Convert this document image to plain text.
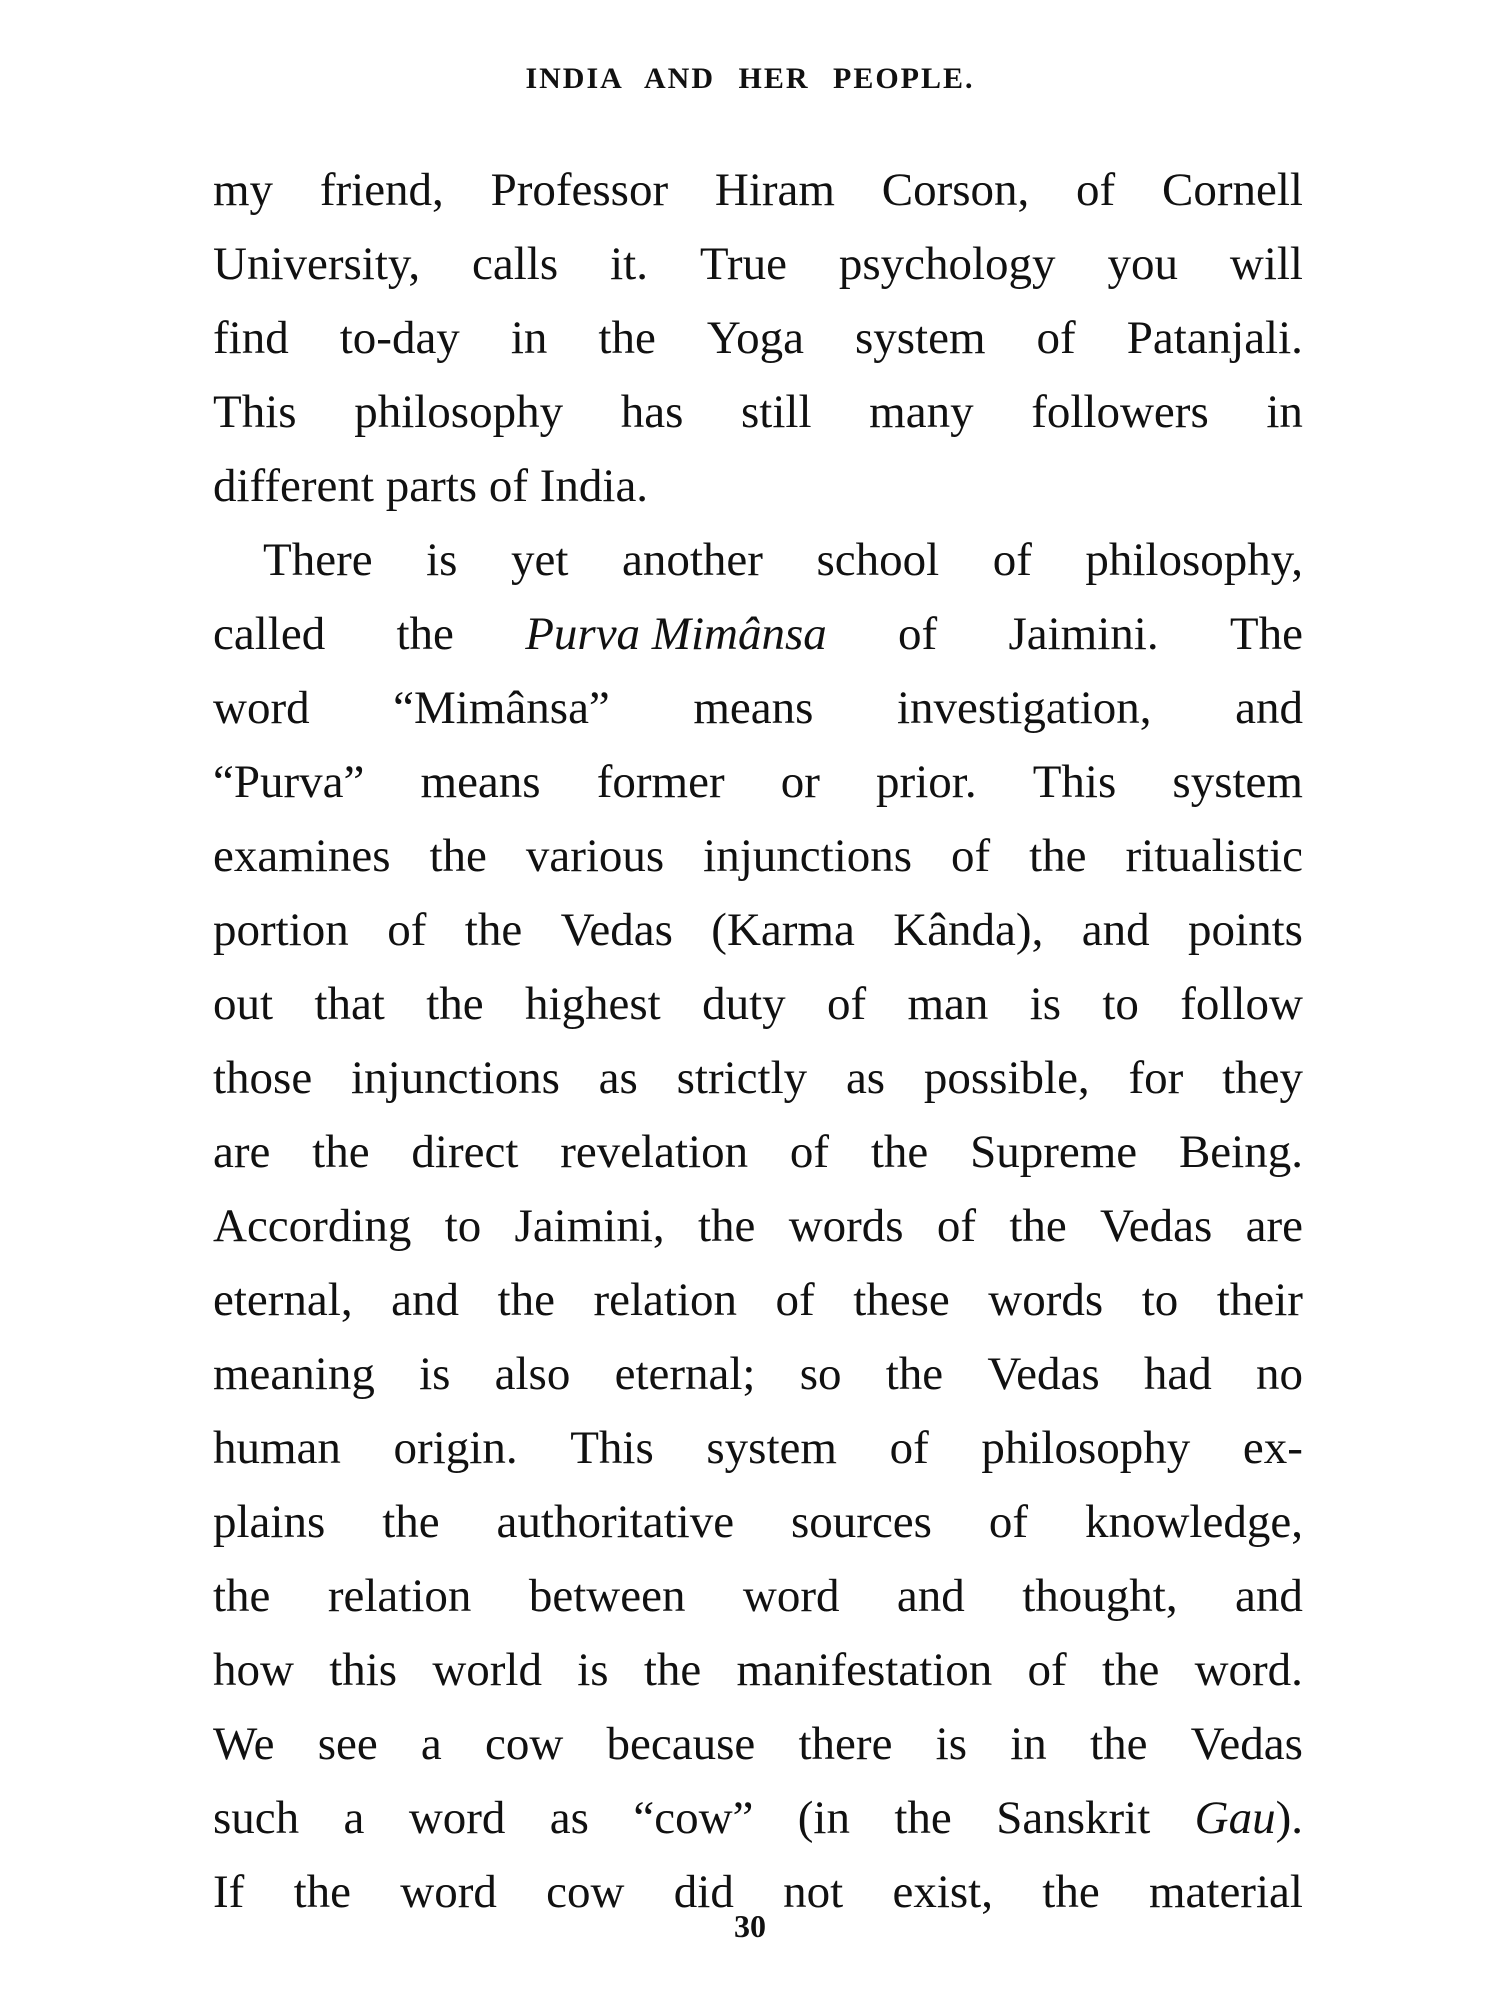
INDIA AND HER PEOPLE.
my friend, Professor Hiram Corson, of Cornell
University, calls it. True psychology you will
find to-day in the Yoga system of Patanjali.
This philosophy has still many followers in
different parts of India.
There is yet another school of philosophy,
called the Purva Mimânsa of Jaimini. The
word “Mimânsa” means investigation, and
“Purva” means former or prior. This system
examines the various injunctions of the ritualistic
portion of the Vedas (Karma Kânda), and points
out that the highest duty of man is to follow
those injunctions as strictly as possible, for they
are the direct revelation of the Supreme Being.
According to Jaimini, the words of the Vedas are
eternal, and the relation of these words to their
meaning is also eternal; so the Vedas had no
human origin. This system of philosophy ex-
plains the authoritative sources of knowledge,
the relation between word and thought, and
how this world is the manifestation of the word.
We see a cow because there is in the Vedas
such a word as “cow” (in the Sanskrit Gau).
If the word cow did not exist, the material
30
